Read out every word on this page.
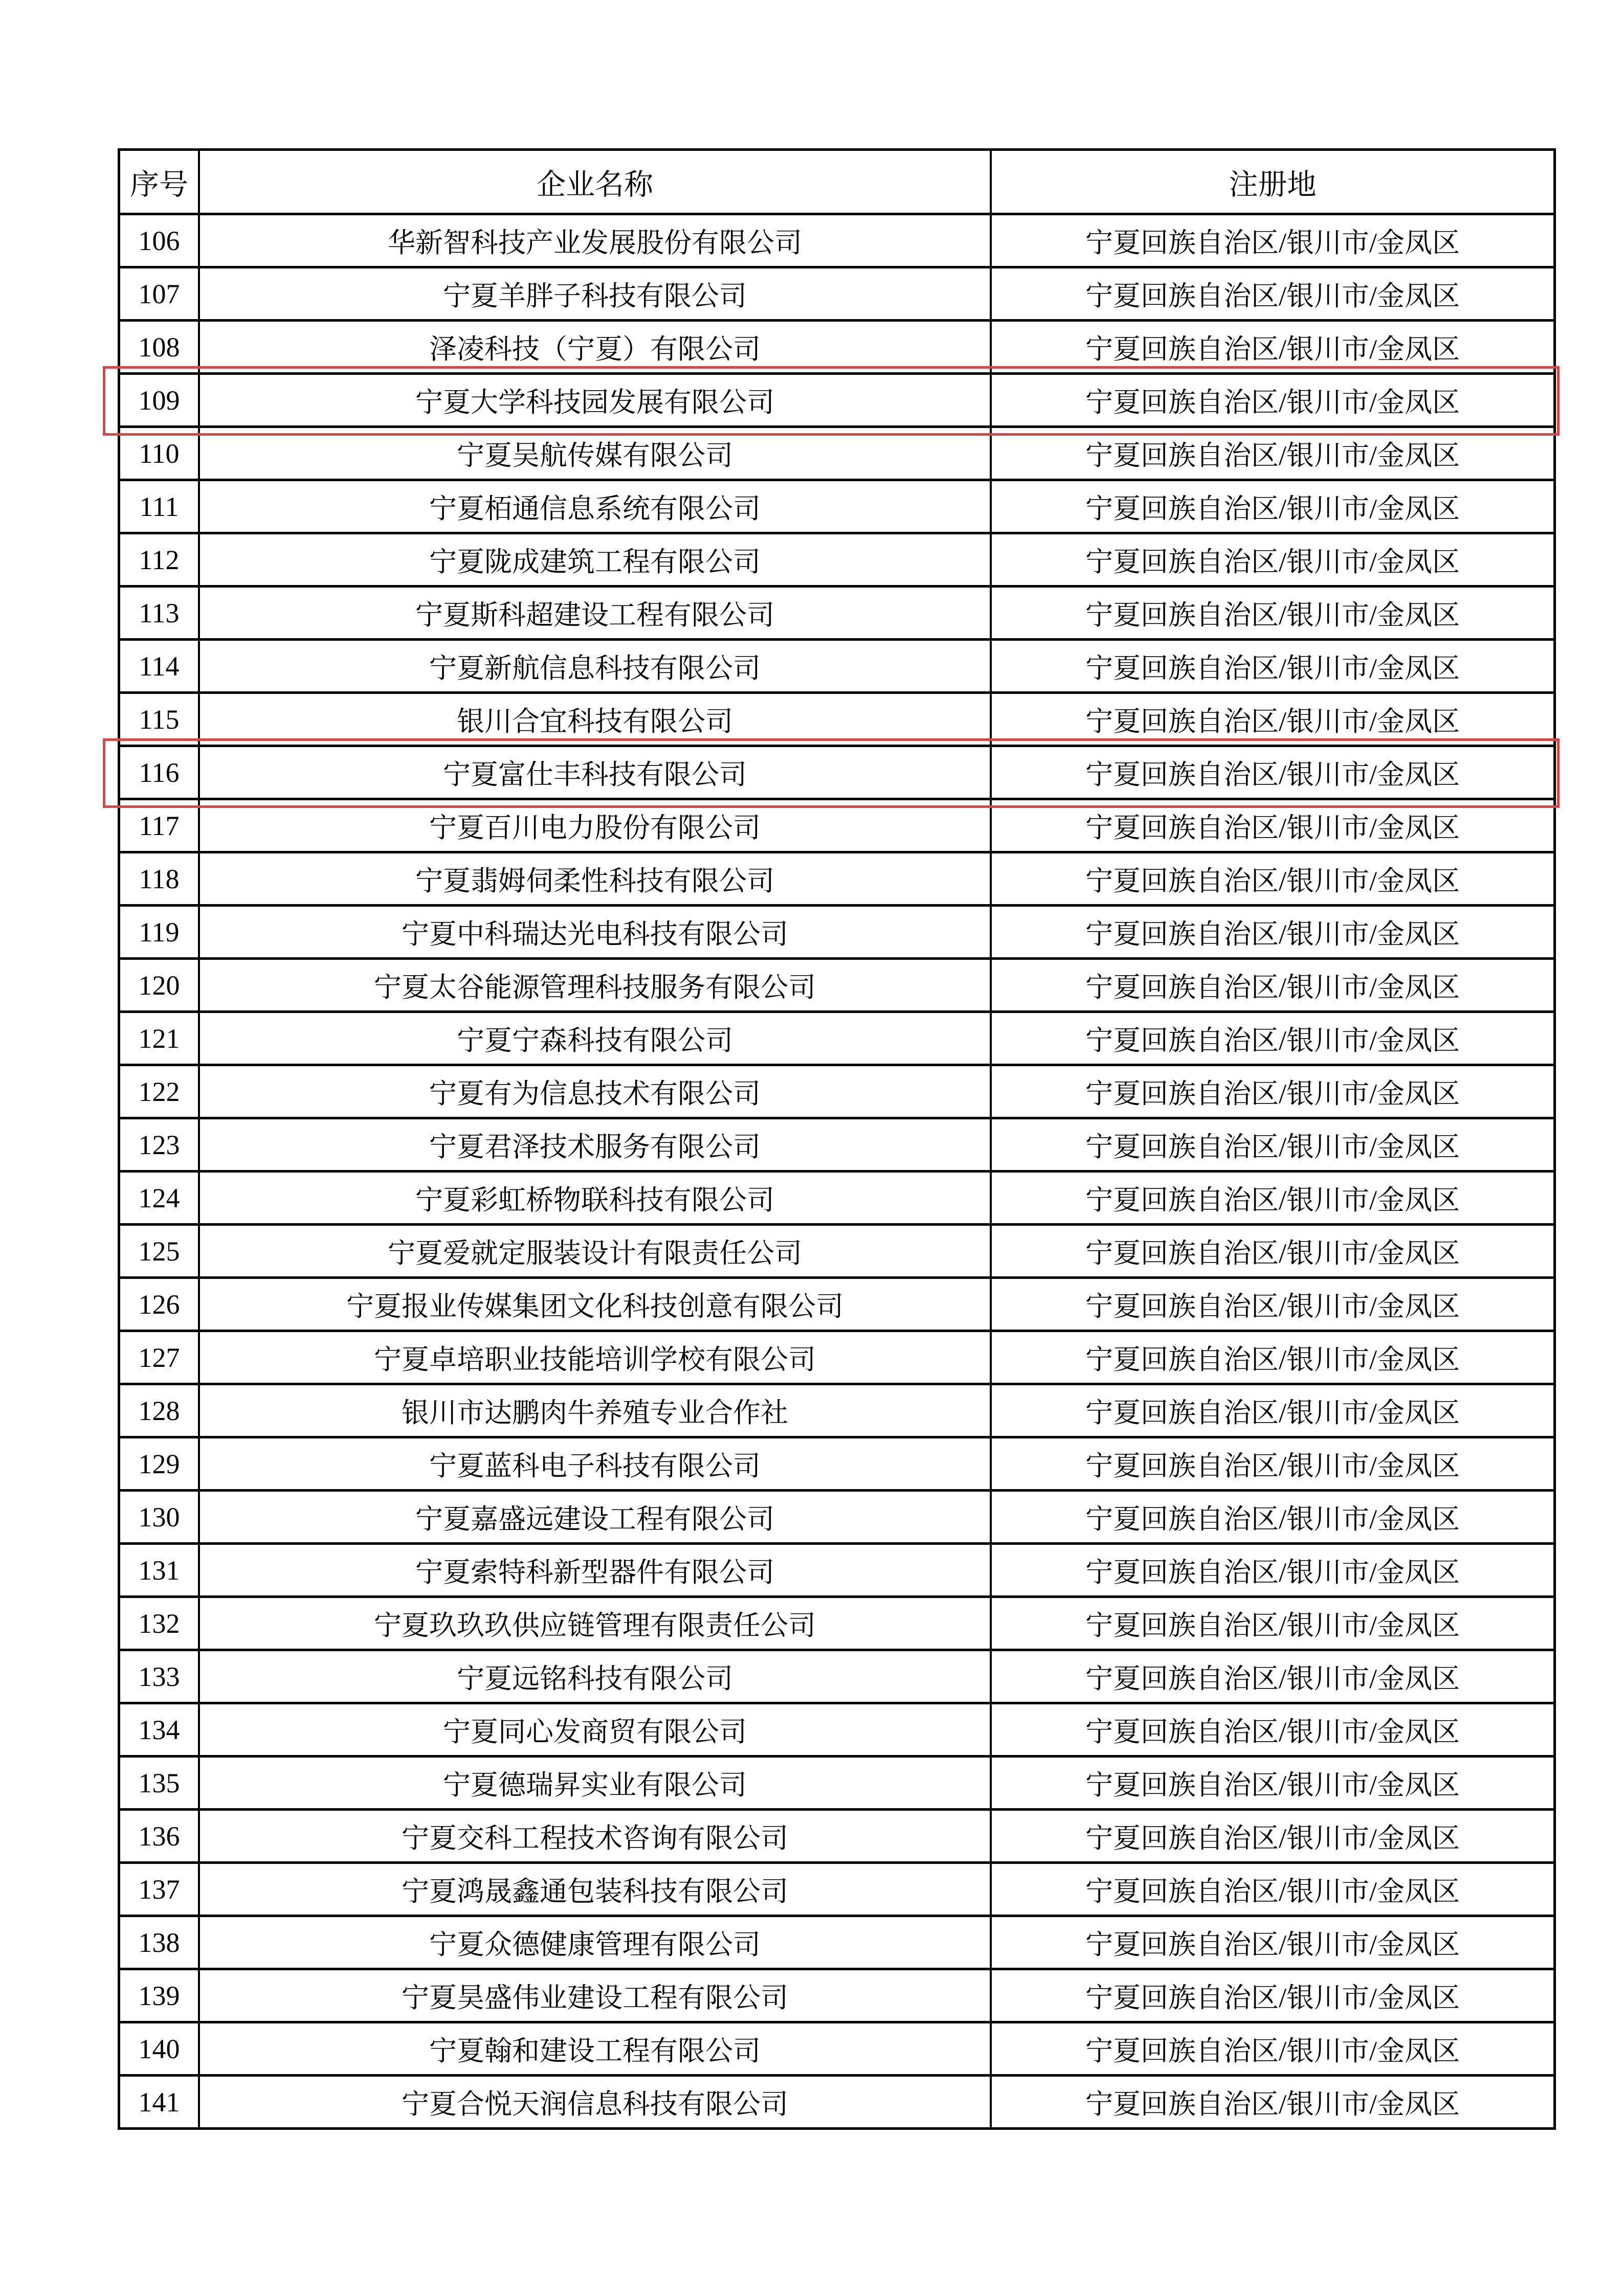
序号	企业名称	注册地
106	华新智科技产业发展股份有限公司	宁夏回族自治区/银川市/金凤区
107	宁夏羊胖子科技有限公司	宁夏回族自治区/银川市/金凤区
108	泽凌科技（宁夏）有限公司	宁夏回族自治区/银川市/金凤区
109	宁夏大学科技园发展有限公司	宁夏回族自治区/银川市/金凤区
110	宁夏吴航传媒有限公司	宁夏回族自治区/银川市/金凤区
111	宁夏栢通信息系统有限公司	宁夏回族自治区/银川市/金凤区
112	宁夏陇成建筑工程有限公司	宁夏回族自治区/银川市/金凤区
113	宁夏斯科超建设工程有限公司	宁夏回族自治区/银川市/金凤区
114	宁夏新航信息科技有限公司	宁夏回族自治区/银川市/金凤区
115	银川合宜科技有限公司	宁夏回族自治区/银川市/金凤区
116	宁夏富仕丰科技有限公司	宁夏回族自治区/银川市/金凤区
117	宁夏百川电力股份有限公司	宁夏回族自治区/银川市/金凤区
118	宁夏翡姆伺柔性科技有限公司	宁夏回族自治区/银川市/金凤区
119	宁夏中科瑞达光电科技有限公司	宁夏回族自治区/银川市/金凤区
120	宁夏太谷能源管理科技服务有限公司	宁夏回族自治区/银川市/金凤区
121	宁夏宁森科技有限公司	宁夏回族自治区/银川市/金凤区
122	宁夏有为信息技术有限公司	宁夏回族自治区/银川市/金凤区
123	宁夏君泽技术服务有限公司	宁夏回族自治区/银川市/金凤区
124	宁夏彩虹桥物联科技有限公司	宁夏回族自治区/银川市/金凤区
125	宁夏爱就定服装设计有限责任公司	宁夏回族自治区/银川市/金凤区
126	宁夏报业传媒集团文化科技创意有限公司	宁夏回族自治区/银川市/金凤区
127	宁夏卓培职业技能培训学校有限公司	宁夏回族自治区/银川市/金凤区
128	银川市达鹏肉牛养殖专业合作社	宁夏回族自治区/银川市/金凤区
129	宁夏蓝科电子科技有限公司	宁夏回族自治区/银川市/金凤区
130	宁夏嘉盛远建设工程有限公司	宁夏回族自治区/银川市/金凤区
131	宁夏索特科新型器件有限公司	宁夏回族自治区/银川市/金凤区
132	宁夏玖玖玖供应链管理有限责任公司	宁夏回族自治区/银川市/金凤区
133	宁夏远铭科技有限公司	宁夏回族自治区/银川市/金凤区
134	宁夏同心发商贸有限公司	宁夏回族自治区/银川市/金凤区
135	宁夏德瑞昇实业有限公司	宁夏回族自治区/银川市/金凤区
136	宁夏交科工程技术咨询有限公司	宁夏回族自治区/银川市/金凤区
137	宁夏鸿晟鑫通包装科技有限公司	宁夏回族自治区/银川市/金凤区
138	宁夏众德健康管理有限公司	宁夏回族自治区/银川市/金凤区
139	宁夏昊盛伟业建设工程有限公司	宁夏回族自治区/银川市/金凤区
140	宁夏翰和建设工程有限公司	宁夏回族自治区/银川市/金凤区
141	宁夏合悦天润信息科技有限公司	宁夏回族自治区/银川市/金凤区
